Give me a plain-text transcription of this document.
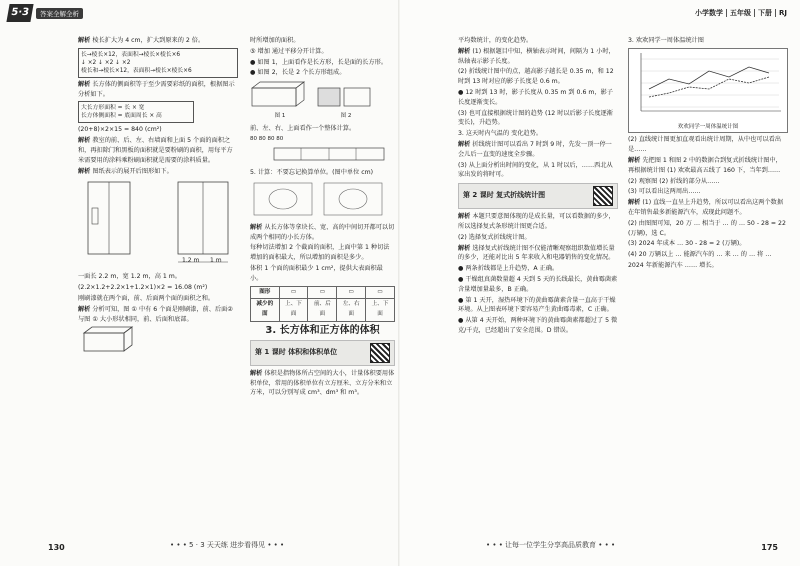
5·3	答案全解全析

解析 棱长扩大为 4 cm，扩大到原来的 2 倍。

长→棱长×12，表面积→棱长×棱长×6
↓ ×2 ↓ ×2 ↓ ×2
棱长和→棱长×12，表面积→棱长×棱长×6

解析 长方体的侧面积等于至少需要彩纸的面积，根据图示分析如下。

大长方形面积 = 长 × 宽
长方体侧面积 = 底面周长 × 高

(20+8)×2×15 = 840 (cm²)

解析 教室的前、后、左、右墙面和上面 5 个面的面积之和，再扣除门和黑板的面积就是要粉刷的面积，用每平方米需要用的涂料乘粉刷面积就是需要的涂料质量。

解析 图纸表示的展开后图形如下。

1.2 m 1 m

一面长 2.2 m，宽 1.2 m，高 1 m。

(2.2×1.2+2.2×1+1.2×1)×2 = 16.08 (m²)

刚刷漆就在两个面，前、后面两个面的面积之和。

解析 分析可知，图 ① 中有 6 个面是刚刷漆，前、后面② 与图 ① 大小形状相同，前、后面和底部。

时所增加的面积。

⑤ 增加 通过平移分开计算。

● 如图 1，上面看作是长方形，长是面的长方形。

● 如图 2，长是 2 个长方形组成。

图 1	图 2

前、左、右、上面看作一个整体计算。

80 80 80 80

5. 计算：不要忘记换算单位。(图中单位 cm)

解析 从长方体等拿块长、宽、高的中间切开都可以切成两个相同的小长方体。

每种切法增加 2 个截面的面积，上面中第 1 种切法增加的面积最大，所以增加的面积是多少。

体积 1 个面的面积最少 1 cm²，提供大表面积最小。

图形	▭	▭	▭	▭
减少的面	上、下面	前、后面	左、右面	上、下面
3. 长方体和正方体的体积
第 1 课时 体积和体积单位

解析 体积是指物体所占空间的大小，计量体积要用体积单位，常用的体积单位有立方厘米、立方分米和立方米，可以分别写成 cm³、dm³ 和 m³。

130	• • • 5 · 3 天天练 进步看得见 • • •
小学数学 五年级 下册 RJ

平均数统计，的变化趋势。

解析 (1) 根据题目中知，横轴表示时间，间隔为 1 小时，纵轴表示影子长度。

(2) 折线统计图中的点，越高影子越长是 0.35 m，和 12 时到 13 时对应的影子长度是 0.6 m。

● 12 时到 13 时，影子长度从 0.35 m 到 0.6 m，影子长度逐渐变长。

(3) 也可直接根据统计图的趋势 (12 时以后影子长度逐渐变长)，升趋势。

3. 这天时内气温的 变化趋势。

解析 折线统计图可以看出 7 时到 9 时，先发一顶一停一会儿后一直变的速度全步骤。

(3) 从上面分析出时间的变化，从 1 时以后，……西北从家出发的将时可。

第 2 课时 复式折线统计图

解析 本题只要意图体现的是成长量，可以看数据的多少，所以选择复式条形统计图更合适。

(2) 选择复式折线统计图。

解析 选择复式折线统计图不仅能清晰观察组织数值增长量的多少，还能对比出 5 年来收入和电器销售的变化情况。

● 两条折线都是上升趋势，A 正确。

● 干燥组真菌数量超 4 天到 5 天的长线最长，黄曲霉菌素含量增加量最多，B 正确。

● 第 1 天开，湿热环境下的黄曲霉菌素含量一直高于干燥环境。从上图表环境下要容易产生黄曲霉毒素，C 正确。

● 从第 4 天开始，两种环境下的黄曲霉菌素都超过了 5 微克/千克，已经超出了安全范围。D 错误。

3. 欢欢同学一周体温统计图

欢欢同学一周体温统计图

(2) 直线统计图更加直观看出统计周期，从中也可以看出是……

解析 先把图 1 和图 2 中的数据合到复式折线统计图中，再根据统计图 (1) 欢欢最高五线了 160 下，当年到……

(2) 观察图 (2) 折线的部分从……

(3) 可以看出这两周出……

解析 (1) 直线一直呈上升趋势，所以可以看出这两个数据在年销售最多新能源汽车，成现此问题不。

(2) 由图图可知，20 万 … 相当于 … 的 … 50 - 28 = 22 (万辆)，选 C。

(3) 2024 年成本 … 30 - 28 = 2 (万辆)。

(4) 20 万辆以上 … 能源汽车的 … 来 … 的 … 将 …

2024 年新能源汽车 …… 增长。

• • • 让每一位学生分享高品质教育 • • •	175
